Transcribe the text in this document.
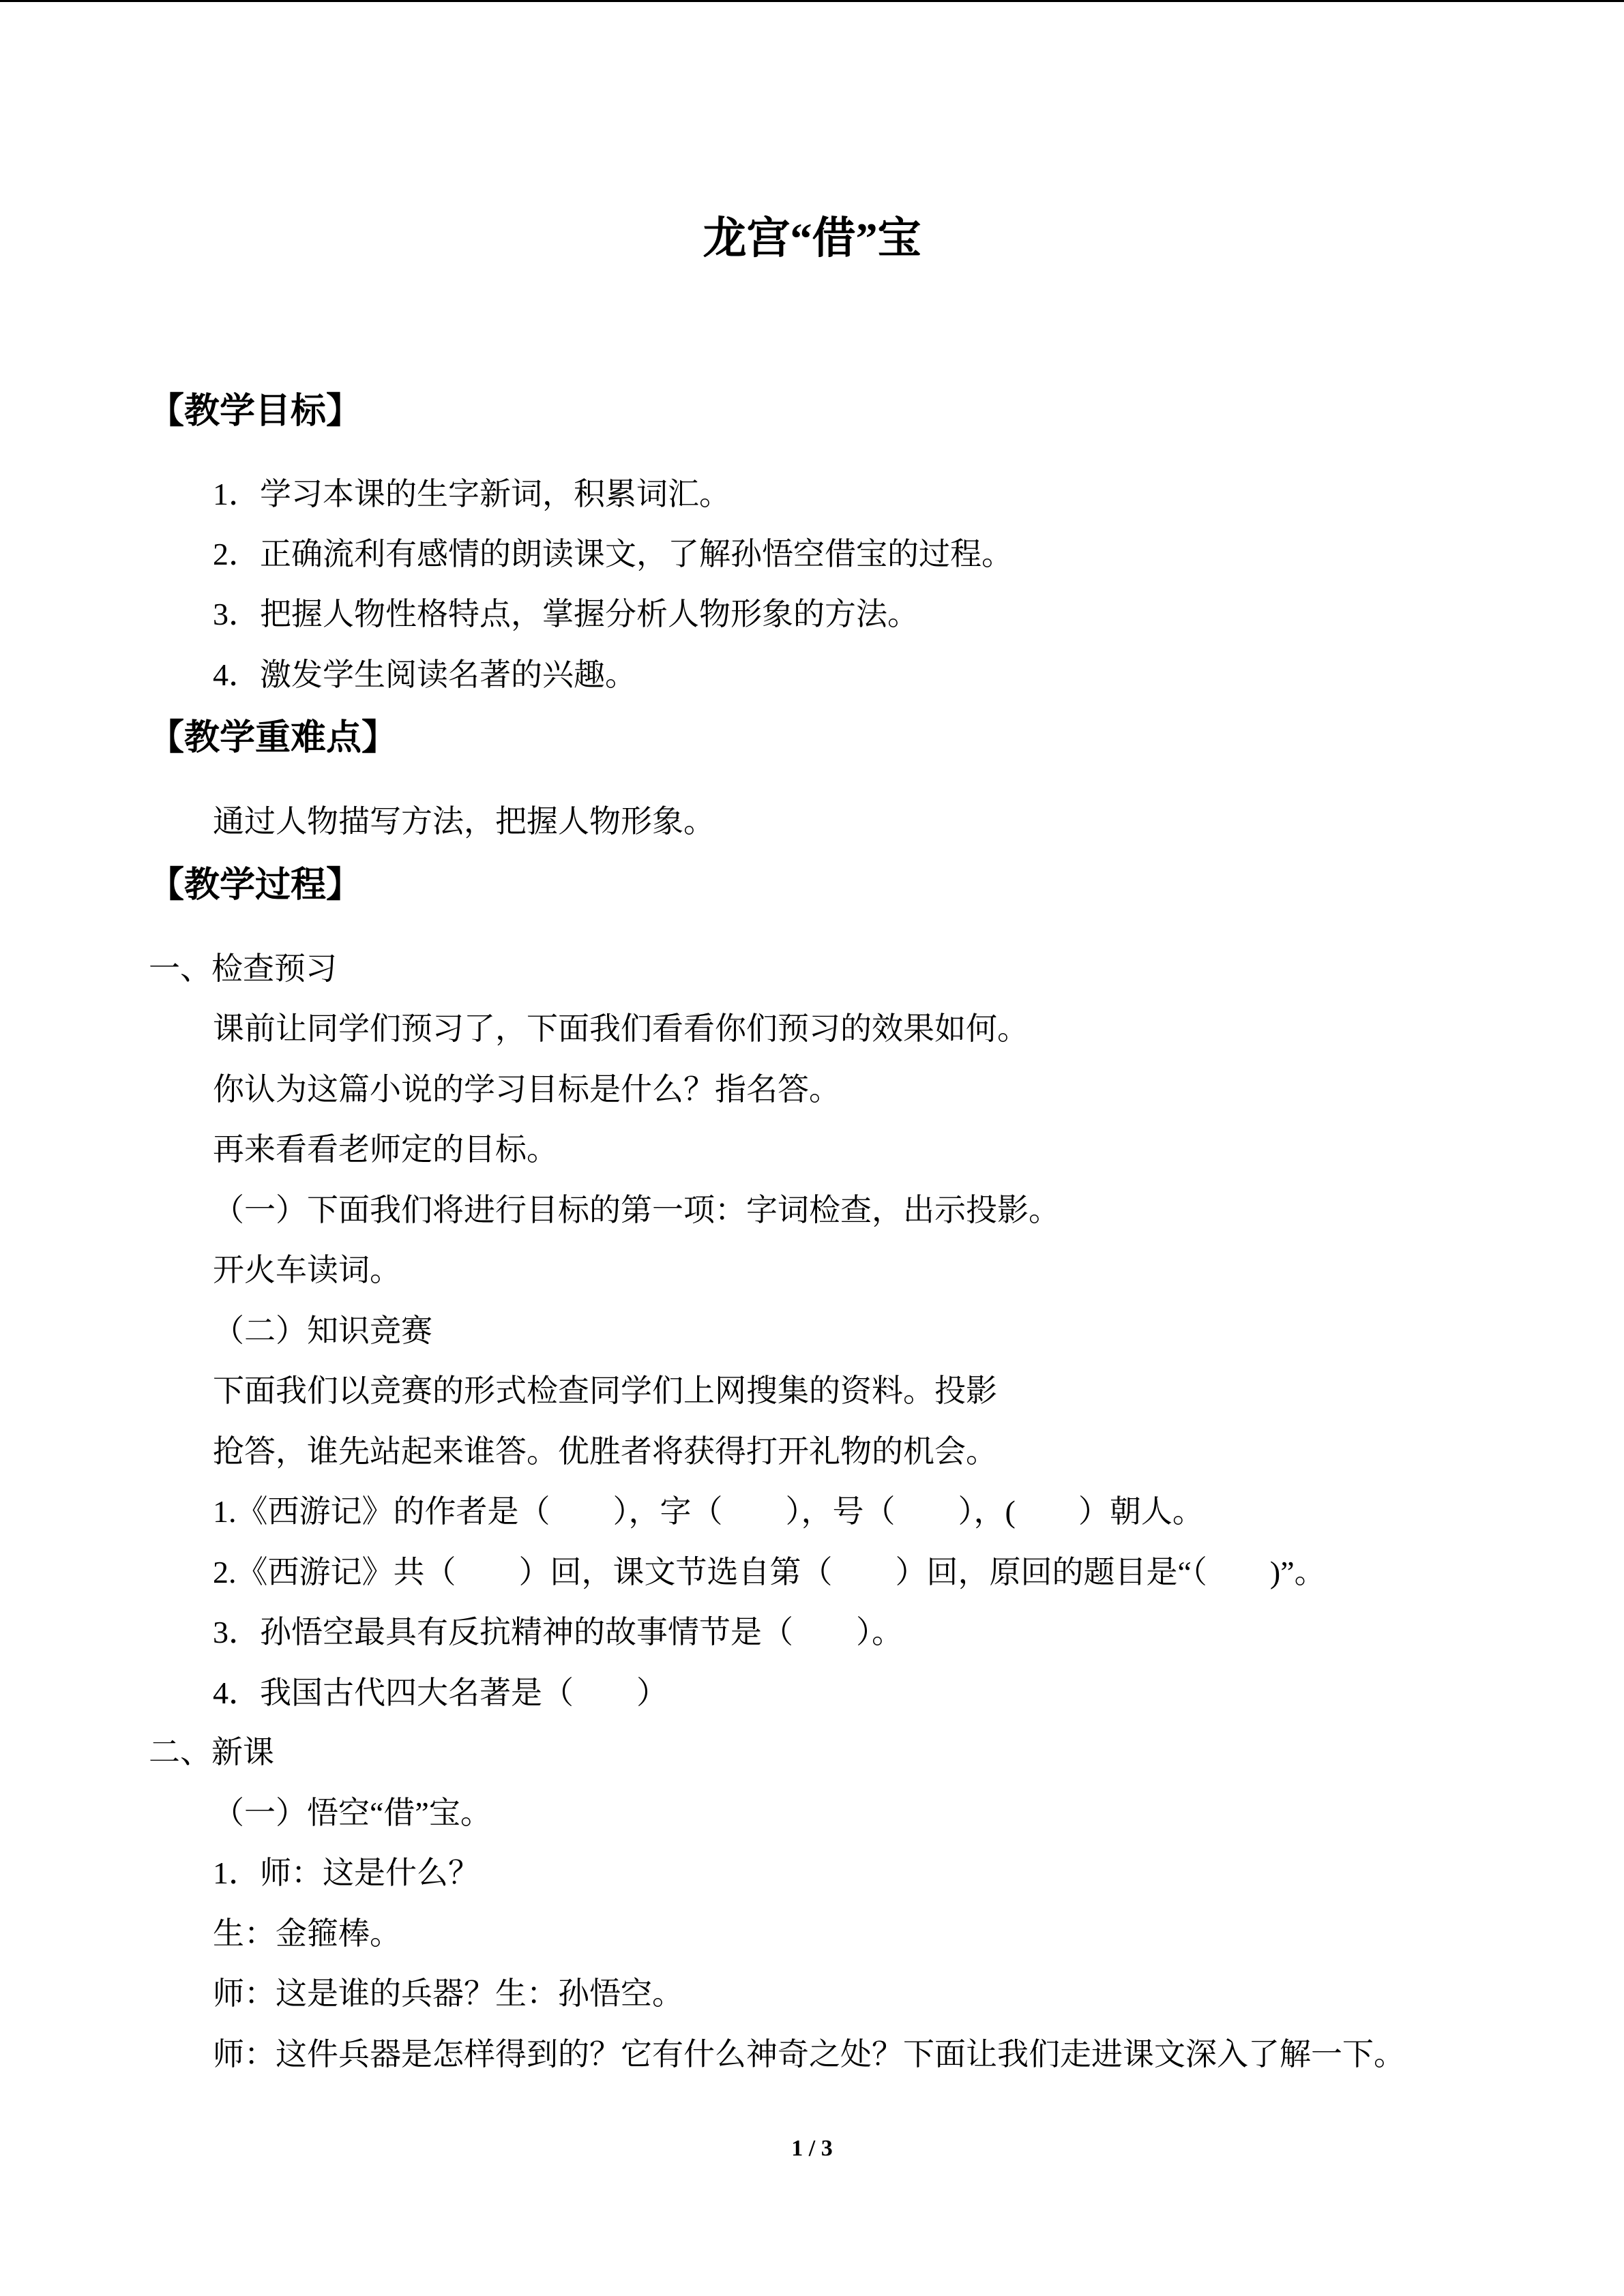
龙宫“借”宝
【教学目标】
1．学习本课的生字新词，积累词汇。
2．正确流利有感情的朗读课文，了解孙悟空借宝的过程。
3．把握人物性格特点，掌握分析人物形象的方法。
4．激发学生阅读名著的兴趣。
【教学重难点】
通过人物描写方法，把握人物形象。
【教学过程】
一、检查预习
课前让同学们预习了，下面我们看看你们预习的效果如何。
你认为这篇小说的学习目标是什么？指名答。
再来看看老师定的目标。
（一）下面我们将进行目标的第一项：字词检查，出示投影。
开火车读词。
（二）知识竞赛
下面我们以竞赛的形式检查同学们上网搜集的资料。投影
抢答，谁先站起来谁答。优胜者将获得打开礼物的机会。
1.《西游记》的作者是（　　），字（　　），号（　　），(　　）朝人。
2.《西游记》共（　　）回，课文节选自第（　　）回，原回的题目是“（　　)”。
3．孙悟空最具有反抗精神的故事情节是（　　）。
4．我国古代四大名著是（　　）
二、新课
（一）悟空“借”宝。
1．师：这是什么？
生：金箍棒。
师：这是谁的兵器？生：孙悟空。
师：这件兵器是怎样得到的？它有什么神奇之处？下面让我们走进课文深入了解一下。
1 / 3
